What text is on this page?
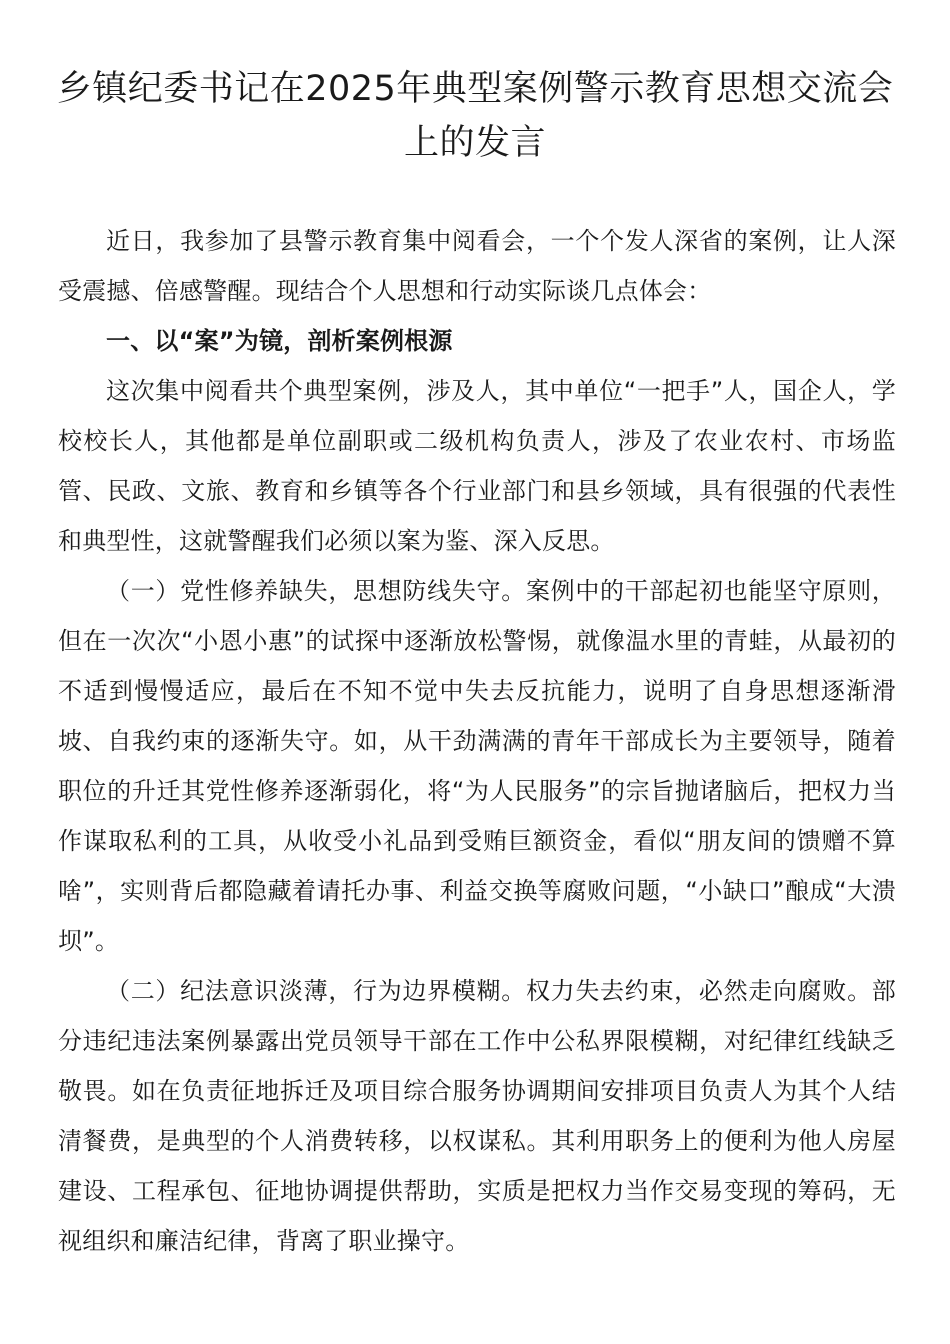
乡镇纪委书记在2025年典型案例警示教育思想交流会上的发言

近日，我参加了县警示教育集中阅看会，一个个发人深省的案例，让人深受震撼、倍感警醒。现结合个人思想和行动实际谈几点体会：

一、以“案”为镜，剖析案例根源

这次集中阅看共个典型案例，涉及人，其中单位“一把手”人，国企人，学校校长人，其他都是单位副职或二级机构负责人，涉及了农业农村、市场监管、民政、文旅、教育和乡镇等各个行业部门和县乡领域，具有很强的代表性和典型性，这就警醒我们必须以案为鉴、深入反思。

（一）党性修养缺失，思想防线失守。案例中的干部起初也能坚守原则，但在一次次“小恩小惠”的试探中逐渐放松警惕，就像温水里的青蛙，从最初的不适到慢慢适应，最后在不知不觉中失去反抗能力，说明了自身思想逐渐滑坡、自我约束的逐渐失守。如，从干劲满满的青年干部成长为主要领导，随着职位的升迁其党性修养逐渐弱化，将“为人民服务”的宗旨抛诸脑后，把权力当作谋取私利的工具，从收受小礼品到受贿巨额资金，看似“朋友间的馈赠不算啥”，实则背后都隐藏着请托办事、利益交换等腐败问题，“小缺口”酿成“大溃坝”。

（二）纪法意识淡薄，行为边界模糊。权力失去约束，必然走向腐败。部分违纪违法案例暴露出党员领导干部在工作中公私界限模糊，对纪律红线缺乏敬畏。如在负责征地拆迁及项目综合服务协调期间安排项目负责人为其个人结清餐费，是典型的个人消费转移，以权谋私。其利用职务上的便利为他人房屋建设、工程承包、征地协调提供帮助，实质是把权力当作交易变现的筹码，无视组织和廉洁纪律，背离了职业操守。
